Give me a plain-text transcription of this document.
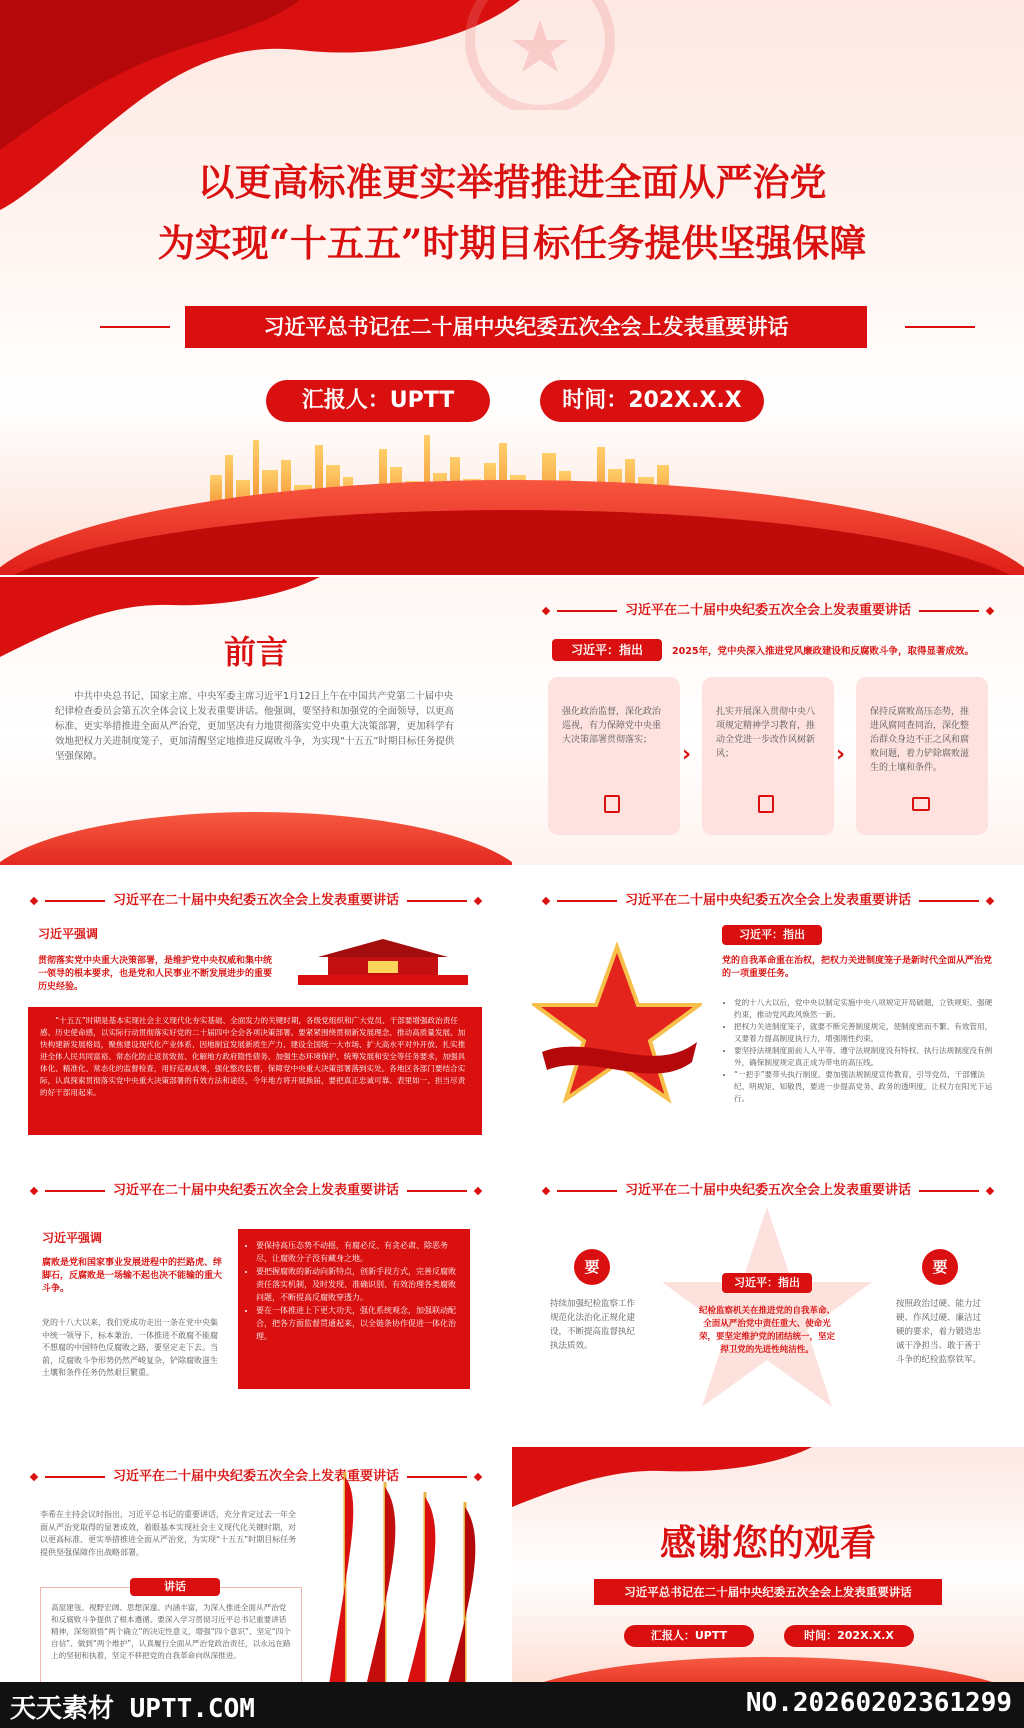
以更高标准更实举措推进全面从严治党
为实现“十五五”时期目标任务提供坚强保障
习近平总书记在二十届中央纪委五次全会上发表重要讲话
汇报人：UPTT	时间：202X.X.X
前言
中共中央总书记、国家主席、中央军委主席习近平1月12日上午在中国共产党第二十届中央纪律检查委员会第五次全体会议上发表重要讲话。他强调，要坚持和加强党的全面领导，以更高标准、更实举措推进全面从严治党，更加坚决有力地贯彻落实党中央重大决策部署，更加科学有效地把权力关进制度笼子，更加清醒坚定地推进反腐败斗争，为实现“十五五”时期目标任务提供坚强保障。
习近平在二十届中央纪委五次全会上发表重要讲话
习近平：指出	2025年，党中央深入推进党风廉政建设和反腐败斗争，取得显著成效。
强化政治监督，深化政治巡视，有力保障党中央重大决策部署贯彻落实；
›
扎实开展深入贯彻中央八项规定精神学习教育，推动全党进一步改作风树新风；	›
保持反腐败高压态势，推进风腐同查同治，深化整治群众身边不正之风和腐败问题，着力铲除腐败滋生的土壤和条件。
习近平在二十届中央纪委五次全会上发表重要讲话
习近平强调
贯彻落实党中央重大决策部署，是维护党中央权威和集中统一领导的根本要求，也是党和人民事业不断发展进步的重要历史经验。
“十五五”时期是基本实现社会主义现代化夯实基础、全面发力的关键时期，各级党组织和广大党员、干部要增强政治责任感、历史使命感，以实际行动贯彻落实好党的二十届四中全会各项决策部署。要紧紧围绕贯彻新发展理念、推动高质量发展、加快构建新发展格局，聚焦建设现代化产业体系、因地制宜发展新质生产力、建设全国统一大市场、扩大高水平对外开放、扎实推进全体人民共同富裕、常态化防止返贫致贫、化解地方政府隐性债务、加强生态环境保护、统筹发展和安全等任务要求，加强具体化、精准化、常态化的监督检查，用好巡视成果，强化整改监督，保障党中央重大决策部署落到实处。各地区各部门要结合实际，认真探索贯彻落实党中央重大决策部署的有效方法和途径，今年地方将开展换届，要把真正忠诚可靠、表里如一、担当尽责的好干部用起来。
习近平在二十届中央纪委五次全会上发表重要讲话
习近平：指出
党的自我革命重在治权，把权力关进制度笼子是新时代全面从严治党的一项重要任务。
• 党的十八大以后，党中央以制定实施中央八项规定开局破题，立铁规矩、强硬约束，推动党风政风焕然一新。
• 把权力关进制度笼子，就要不断完善制度规定，使制度密而不繁、有效管用，又要着力提高制度执行力，增强刚性约束。
• 要坚持法规制度面前人人平等、遵守法规制度没有特权、执行法规制度没有例外，确保制度规定真正成为带电的高压线。
• “一把手”要带头执行制度。要加强法规制度宣传教育，引导党员、干部懂法纪、明规矩、知敬畏，要进一步提高党务、政务的透明度，让权力在阳光下运行。
习近平在二十届中央纪委五次全会上发表重要讲话
习近平强调
腐败是党和国家事业发展进程中的拦路虎、绊脚石，反腐败是一场输不起也决不能输的重大斗争。
党的十八大以来，我们党成功走出一条在党中央集中统一领导下，标本兼治、一体推进不敢腐不能腐不想腐的中国特色反腐败之路，要坚定走下去。当前，反腐败斗争形势仍然严峻复杂，铲除腐败滋生土壤和条件任务仍然艰巨繁重。
• 要保持高压态势不动摇，有腐必反、有贪必肃、除恶务尽，让腐败分子没有藏身之地。
• 要把握腐败的新动向新特点，创新手段方式，完善反腐败责任落实机制，及时发现、准确识别、有效治理各类腐败问题，不断提高反腐败穿透力。
• 要在一体推进上下更大功夫，强化系统观念，加强联动配合，把各方面监督贯通起来，以全链条协作促进一体化治理。
习近平在二十届中央纪委五次全会上发表重要讲话
要
持续加强纪检监察工作规范化法治化正规化建设，不断提高监督执纪执法质效。
习近平：指出
纪检监察机关在推进党的自我革命、全面从严治党中责任重大、使命光荣，要坚定维护党的团结统一，坚定捍卫党的先进性纯洁性。
要
按照政治过硬、能力过硬、作风过硬、廉洁过硬的要求，着力锻造忠诚干净担当、敢于善于斗争的纪检监察铁军。
习近平在二十届中央纪委五次全会上发表重要讲话
李希在主持会议时指出，习近平总书记的重要讲话，充分肯定过去一年全面从严治党取得的显著成效，着眼基本实现社会主义现代化关键时期，对以更高标准、更实举措推进全面从严治党，为实现“十五五”时期目标任务提供坚强保障作出战略部署。
高屋建瓴、视野宏阔、思想深邃、内涵丰富，为深入推进全面从严治党和反腐败斗争提供了根本遵循。要深入学习贯彻习近平总书记重要讲话精神，深刻领悟“两个确立”的决定性意义，增强“四个意识”、坚定“四个自信”、做到“两个维护”，认真履行全面从严治党政治责任，以永远在路上的坚韧和执着，坚定不移把党的自我革命向纵深推进。
讲话
感谢您的观看
习近平总书记在二十届中央纪委五次全会上发表重要讲话
汇报人：UPTT	时间：202X.X.X
天天素材 UPTT.COM	NO.20260202361299
